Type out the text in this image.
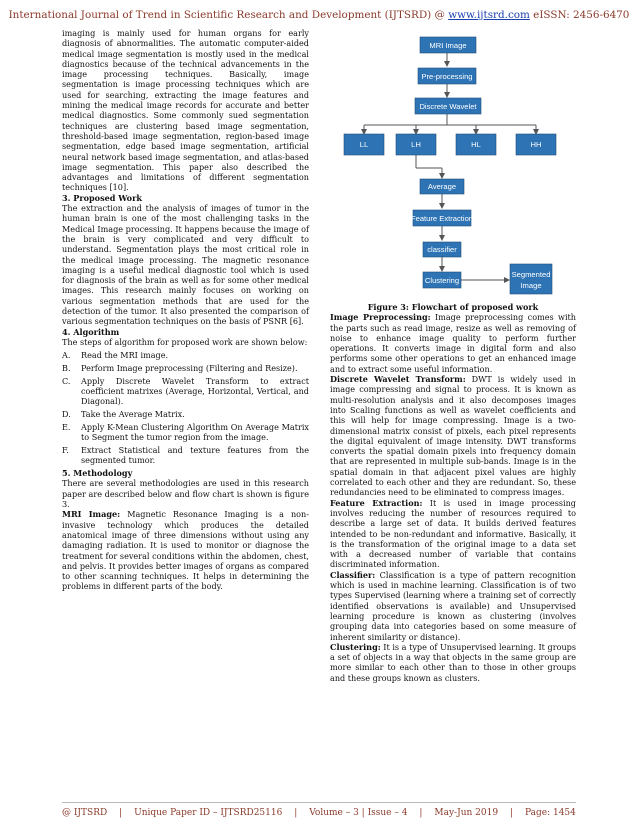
International Journal of Trend in Scientific Research and Development (IJTSRD) @ www.ijtsrd.com eISSN: 2456-6470

imaging is mainly used for human organs for early diagnosis of abnormalities. The automatic computer-aided medical image segmentation is mostly used in the medical diagnostics because of the technical advancements in the image processing techniques. Basically, image segmentation is image processing techniques which are used for searching, extracting the image features and mining the medical image records for accurate and better medical diagnostics. Some commonly sued segmentation techniques are clustering based image segmentation, threshold-based image segmentation, region-based image segmentation, edge based image segmentation, artificial neural network based image segmentation, and atlas-based image segmentation. This paper also described the advantages and limitations of different segmentation techniques [10].

3. Proposed Work

The extraction and the analysis of images of tumor in the human brain is one of the most challenging tasks in the Medical Image processing. It happens because the image of the brain is very complicated and very difficult to understand. Segmentation plays the most critical role in the medical image processing. The magnetic resonance imaging is a useful medical diagnostic tool which is used for diagnosis of the brain as well as for some other medical images. This research mainly focuses on working on various segmentation methods that are used for the detection of the tumor. It also presented the comparison of various segmentation techniques on the basis of PSNR [6].

4. Algorithm

The steps of algorithm for proposed work are shown below:

A.	Read the MRI image.
B.	Perform Image preprocessing (Filtering and Resize).
C.	Apply Discrete Wavelet Transform to extract coefficient matrixes (Average, Horizontal, Vertical, and Diagonal).
D.	Take the Average Matrix.
E.	Apply K-Mean Clustering Algorithm On Average Matrix to Segment the tumor region from the image.
F.	Extract Statistical and texture features from the segmented tumor.

5. Methodology

There are several methodologies are used in this research paper are described below and flow chart is shown is figure 3.

MRI Image: Magnetic Resonance Imaging is a non-invasive technology which produces the detailed anatomical image of three dimensions without using any damaging radiation. It is used to monitor or diagnose the treatment for several conditions within the abdomen, chest, and pelvis. It provides better images of organs as compared to other scanning techniques. It helps in determining the problems in different parts of the body.

MRI Image
Pre-processing
Discrete Wavelet
LL	LH	HL	HH
Average
Feature Extraction
classifier
Clustering
Segmented
Image

Figure 3: Flowchart of proposed work

Image Preprocessing: Image preprocessing comes with the parts such as read image, resize as well as removing of noise to enhance image quality to perform further operations. It converts image in digital form and also performs some other operations to get an enhanced image and to extract some useful information.

Discrete Wavelet Transform: DWT is widely used in image compressing and signal to process. It is known as multi-resolution analysis and it also decomposes images into Scaling functions as well as wavelet coefficients and this will help for image compressing. Image is a two-dimensional matrix consist of pixels, each pixel represents the digital equivalent of image intensity. DWT transforms converts the spatial domain pixels into frequency domain that are represented in multiple sub-bands. Image is in the spatial domain in that adjacent pixel values are highly correlated to each other and they are redundant. So, these redundancies need to be eliminated to compress images.

Feature Extraction: It is used in image processing involves reducing the number of resources required to describe a large set of data. It builds derived features intended to be non-redundant and informative. Basically, it is the transformation of the original image to a data set with a decreased number of variable that contains discriminated information.

Classifier: Classification is a type of pattern recognition which is used in machine learning. Classification is of two types Supervised (learning where a training set of correctly identified observations is available) and Unsupervised learning procedure is known as clustering (involves grouping data into categories based on some measure of inherent similarity or distance).

Clustering: It is a type of Unsupervised learning. It groups a set of objects in a way that objects in the same group are more similar to each other than to those in other groups and these groups known as clusters.

@ IJTSRD | Unique Paper ID – IJTSRD25116 | Volume – 3 | Issue – 4 | May-Jun 2019 | Page: 1454
